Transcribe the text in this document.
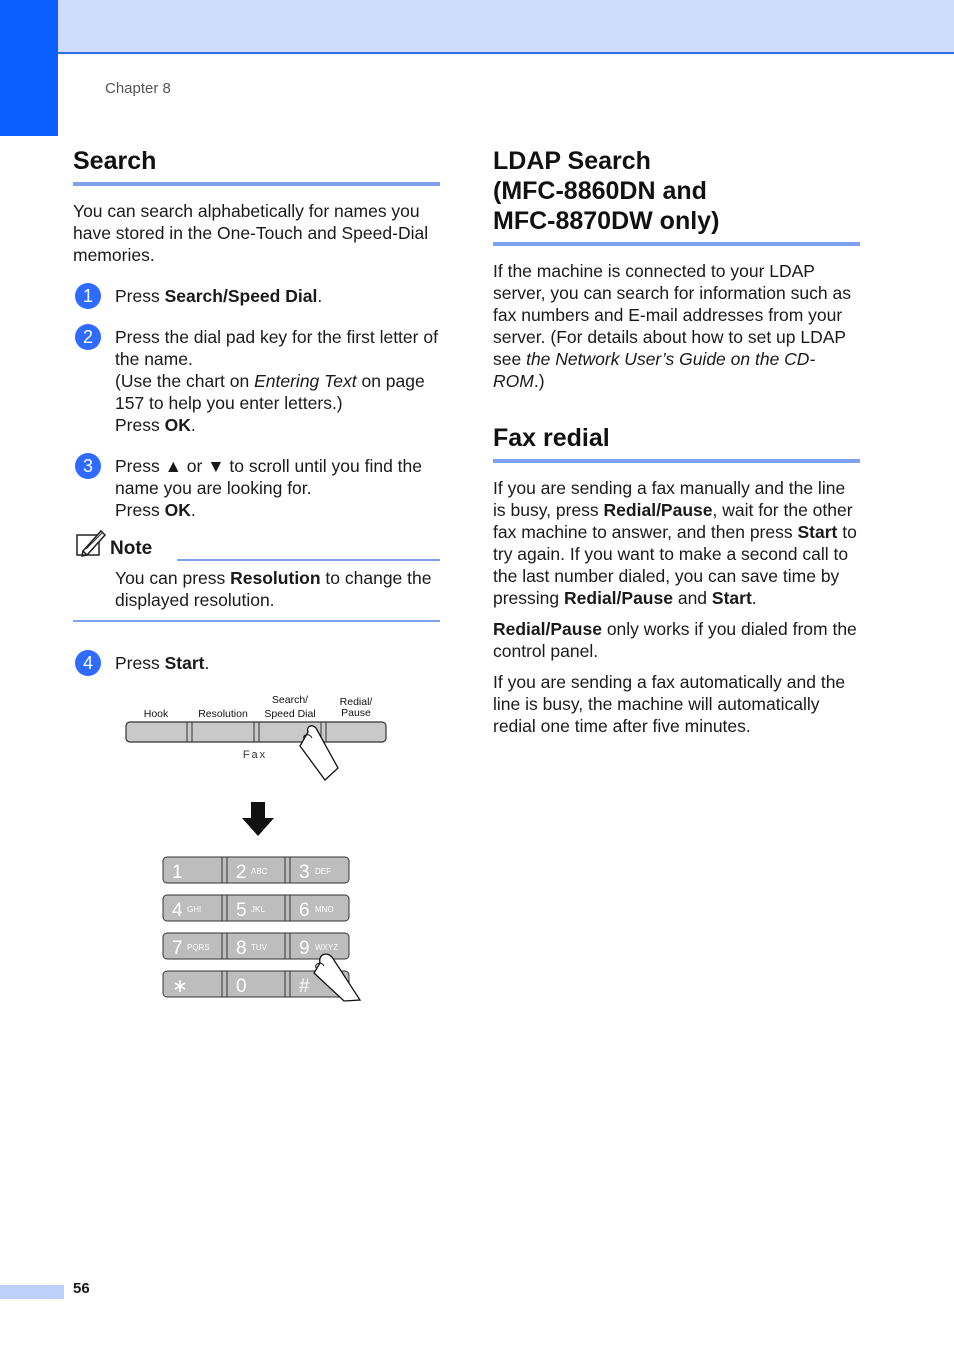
Chapter 8
Search

You can search alphabetically for names you have stored in the One-Touch and Speed-Dial memories.

1	Press Search/Speed Dial.
2	Press the dial pad key for the first letter of the name.
(Use the chart on Entering Text on page 157 to help you enter letters.)
Press OK.
3	Press ▲ or ▼ to scroll until you find the name you are looking for.
Press OK.
Note

You can press Resolution to change the displayed resolution.

4	Press Start.
Hook	Resolution
Search/
Speed Dial
Redial/
Pause
Fax
1	2 ABC 3 DEF
4 GHI 5 JKL 6 MNO
7 PQRS 8 TUV 9 WXYZ
∗	0	#
LDAP Search
(MFC-8860DN and
MFC-8870DW only)

If the machine is connected to your LDAP server, you can search for information such as fax numbers and E-mail addresses from your server. (For details about how to set up LDAP see the Network User’s Guide on the CD-ROM.)

Fax redial

If you are sending a fax manually and the line is busy, press Redial/Pause, wait for the other fax machine to answer, and then press Start to try again. If you want to make a second call to the last number dialed, you can save time by pressing Redial/Pause and Start.

Redial/Pause only works if you dialed from the control panel.

If you are sending a fax automatically and the line is busy, the machine will automatically redial one time after five minutes.

56
